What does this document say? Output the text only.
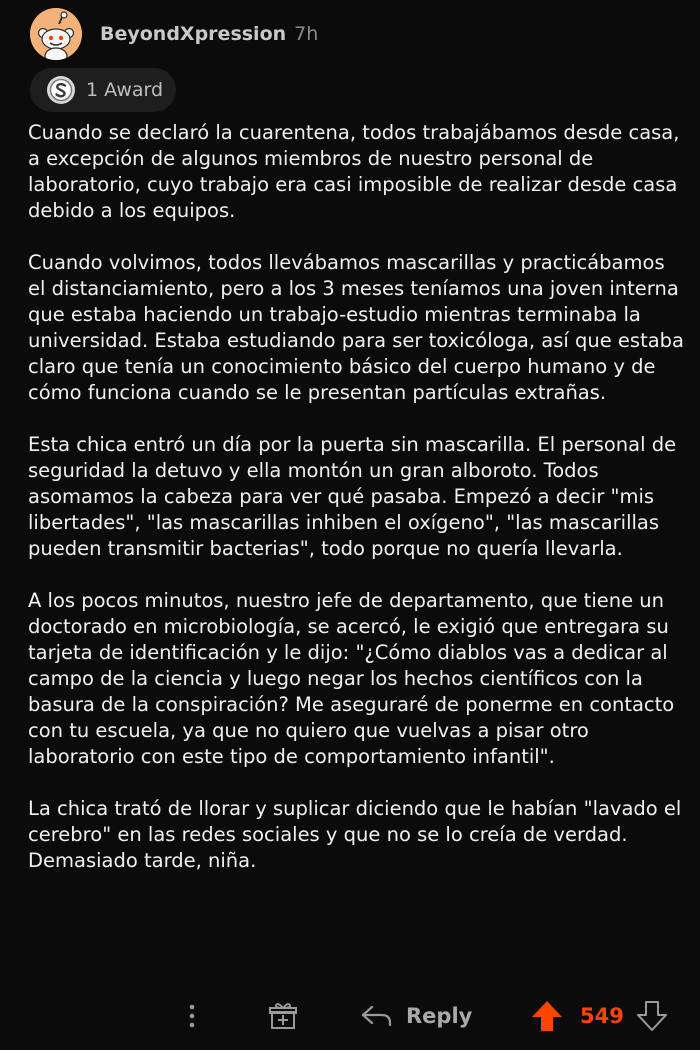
BeyondXpression 7h
1 Award

Cuando se declaró la cuarentena, todos trabajábamos desde casa, a excepción de algunos miembros de nuestro personal de laboratorio, cuyo trabajo era casi imposible de realizar desde casa debido a los equipos.

Cuando volvimos, todos llevábamos mascarillas y practicábamos el distanciamiento, pero a los 3 meses teníamos una joven interna que estaba haciendo un trabajo-estudio mientras terminaba la universidad. Estaba estudiando para ser toxicóloga, así que estaba claro que tenía un conocimiento básico del cuerpo humano y de cómo funciona cuando se le presentan partículas extrañas.

Esta chica entró un día por la puerta sin mascarilla. El personal de seguridad la detuvo y ella montón un gran alboroto. Todos asomamos la cabeza para ver qué pasaba. Empezó a decir "mis libertades", "las mascarillas inhiben el oxígeno", "las mascarillas pueden transmitir bacterias", todo porque no quería llevarla.

A los pocos minutos, nuestro jefe de departamento, que tiene un doctorado en microbiología, se acercó, le exigió que entregara su tarjeta de identificación y le dijo: "¿Cómo diablos vas a dedicar al campo de la ciencia y luego negar los hechos científicos con la basura de la conspiración? Me aseguraré de ponerme en contacto con tu escuela, ya que no quiero que vuelvas a pisar otro laboratorio con este tipo de comportamiento infantil".

La chica trató de llorar y suplicar diciendo que le habían "lavado el cerebro" en las redes sociales y que no se lo creía de verdad. Demasiado tarde, niña.

Reply	549
